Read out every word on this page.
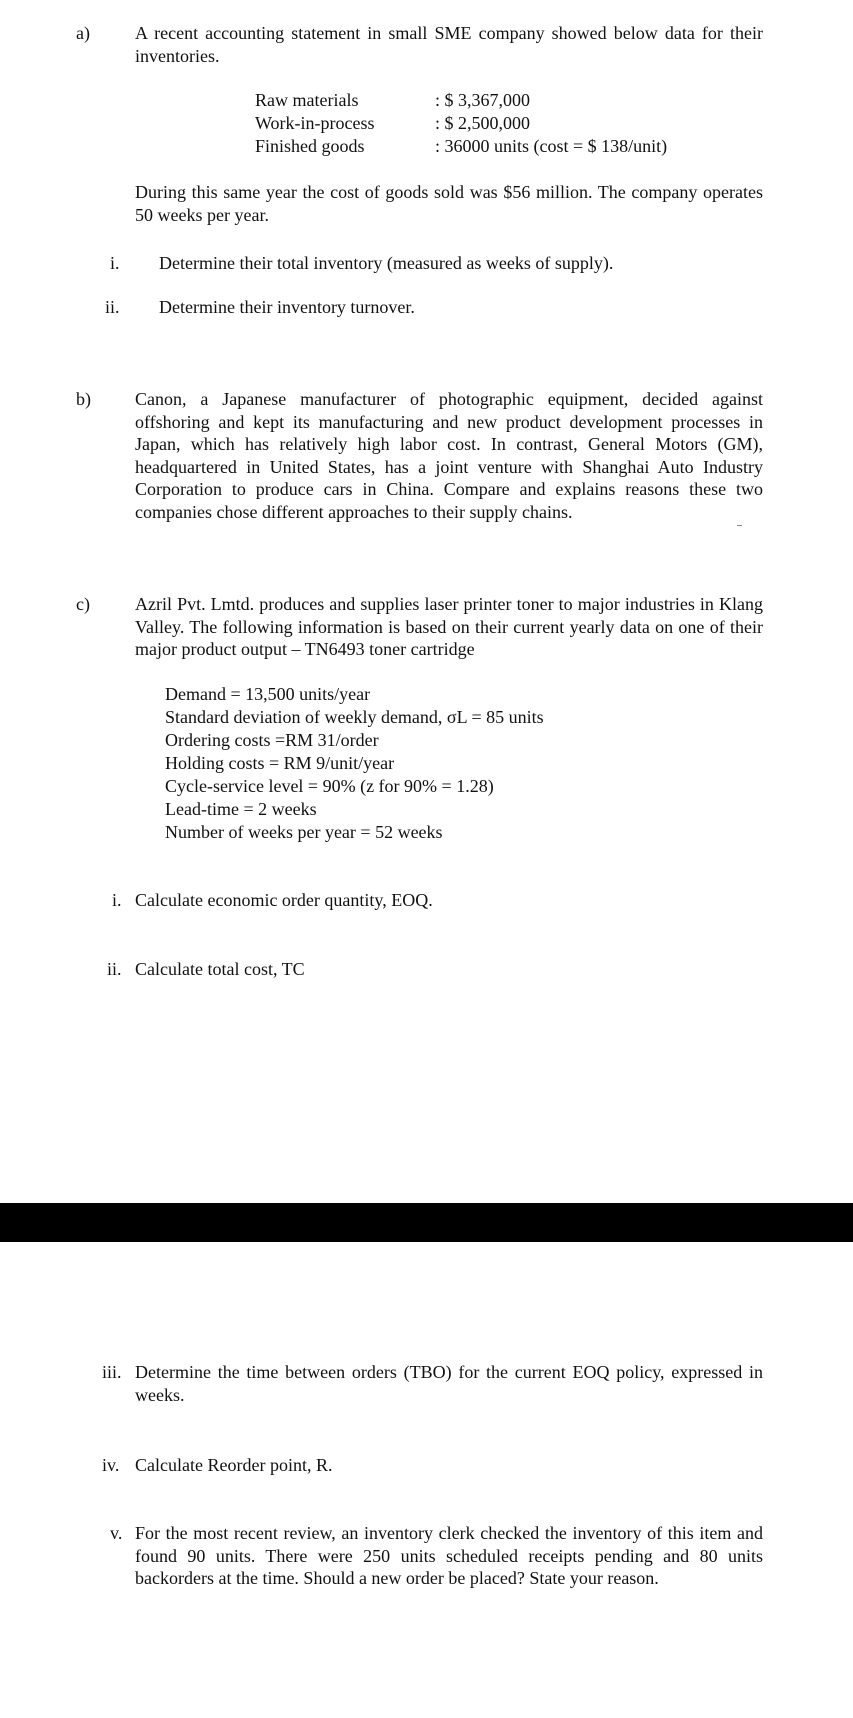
a)	A recent accounting statement in small SME company showed below data for their inventories.
Raw materials	: $ 3,367,000
Work-in-process	: $ 2,500,000
Finished goods	: 36000 units (cost = $ 138/unit)
During this same year the cost of goods sold was $56 million. The company operates 50 weeks per year.
i. Determine their total inventory (measured as weeks of supply).
ii. Determine their inventory turnover.
b) Canon, a Japanese manufacturer of photographic equipment, decided against offshoring and kept its manufacturing and new product development processes in Japan, which has relatively high labor cost. In contrast, General Motors (GM), headquartered in United States, has a joint venture with Shanghai Auto Industry Corporation to produce cars in China. Compare and explains reasons these two companies chose different approaches to their supply chains.
c)	Azril Pvt. Lmtd. produces and supplies laser printer toner to major industries in Klang Valley. The following information is based on their current yearly data on one of their major product output – TN6493 toner cartridge
Demand = 13,500 units/year
Standard deviation of weekly demand, σL = 85 units
Ordering costs =RM 31/order
Holding costs = RM 9/unit/year
Cycle-service level = 90% (z for 90% = 1.28)
Lead-time = 2 weeks
Number of weeks per year = 52 weeks
i. Calculate economic order quantity, EOQ.
ii. Calculate total cost, TC
iii. Determine the time between orders (TBO) for the current EOQ policy, expressed in weeks.
iv. Calculate Reorder point, R.
v. For the most recent review, an inventory clerk checked the inventory of this item and found 90 units. There were 250 units scheduled receipts pending and 80 units backorders at the time. Should a new order be placed? State your reason.
